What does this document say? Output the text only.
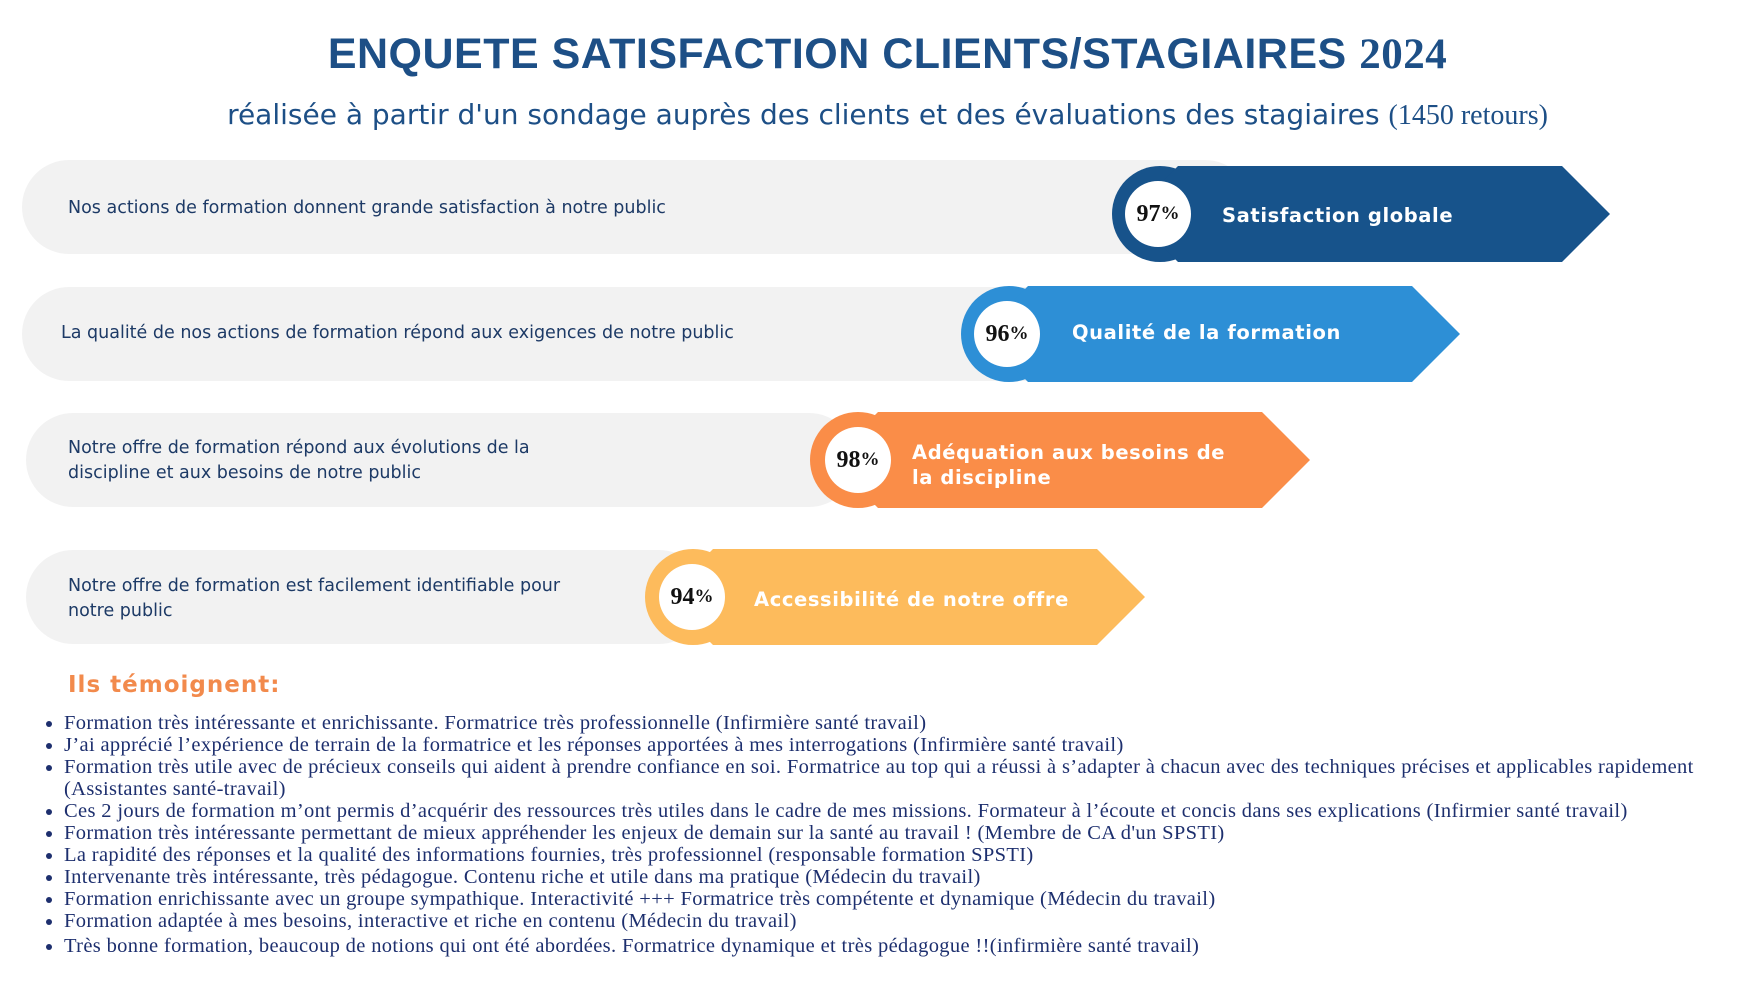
ENQUETE SATISFACTION CLIENTS/STAGIAIRES 2024
réalisée à partir d'un sondage auprès des clients et des évaluations des stagiaires (1450 retours)
Nos actions de formation donnent grande satisfaction à notre public	97 % Satisfaction globale
La qualité de nos actions de formation répond aux exigences de notre public	96 % Qualité de la formation
Notre offre de formation répond aux évolutions de la discipline et aux besoins de notre public
98 % Adéquation aux besoins de la discipline
Notre offre de formation est facilement identifiable pour notre public
94 % Accessibilité de notre offre
Ils témoignent:
• Formation très intéressante et enrichissante. Formatrice très professionnelle (Infirmière santé travail)
• J’ai apprécié l’expérience de terrain de la formatrice et les réponses apportées à mes interrogations (Infirmière santé travail)
• Formation très utile avec de précieux conseils qui aident à prendre confiance en soi. Formatrice au top qui a réussi à s’adapter à chacun avec des techniques précises et applicables rapidement (Assistantes santé-travail)
• Ces 2 jours de formation m’ont permis d’acquérir des ressources très utiles dans le cadre de mes missions. Formateur à l’écoute et concis dans ses explications (Infirmier santé travail)
• Formation très intéressante permettant de mieux appréhender les enjeux de demain sur la santé au travail ! (Membre de CA d'un SPSTI)
• La rapidité des réponses et la qualité des informations fournies, très professionnel (responsable formation SPSTI)
• Intervenante très intéressante, très pédagogue. Contenu riche et utile dans ma pratique (Médecin du travail)
• Formation enrichissante avec un groupe sympathique. Interactivité +++ Formatrice très compétente et dynamique (Médecin du travail)
• Formation adaptée à mes besoins, interactive et riche en contenu (Médecin du travail)
• Très bonne formation, beaucoup de notions qui ont été abordées. Formatrice dynamique et très pédagogue !!(infirmière santé travail)
